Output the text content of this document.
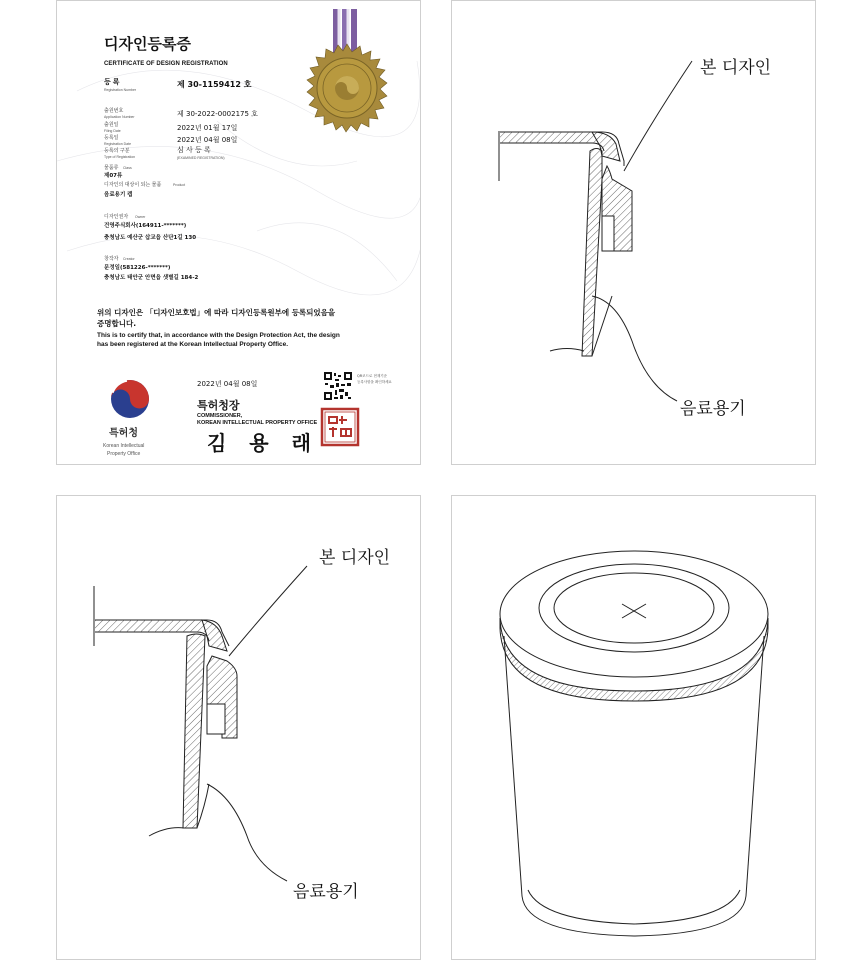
디자인등록증
CERTIFICATE OF DESIGN REGISTRATION
등 록
Registration Number
제 30-1159412 호
출원번호
Application Number	제 30-2022-0002175 호
출원일
Filing Date	2022년 01월 17일
등록일
Registration Date	2022년 04월 08일
등록의 구분
Type of Registration
심 사 등 록
(EXAMINED REGISTRATION)
물품류 Class
제07류
디자인의 대상이 되는 물품	Product
음료용기 캡
디자인권자 Owner
건영주식회사(164911-*******)
충청남도 예산군 삽교읍 산단1길 130
창작자 Creator
문정일(581226-*******)
충청남도 태안군 안면읍 샛별길 184-2
위의 디자인은 「디자인보호법」에 따라 디자인등록원부에 등록되었음을
증명합니다.
This is to certify that, in accordance with the Design Protection Act, the design
has been registered at the Korean Intellectual Property Office.
특허청
Korean Intellectual
Property Office
2022년 04월 08일
QR코드로 현재기준
등록사항을 확인하세요
특허청장
COMMISSIONER,
KOREAN INTELLECTUAL PROPERTY OFFICE
김 용 래
본 디자인
음료용기
본 디자인
음료용기
